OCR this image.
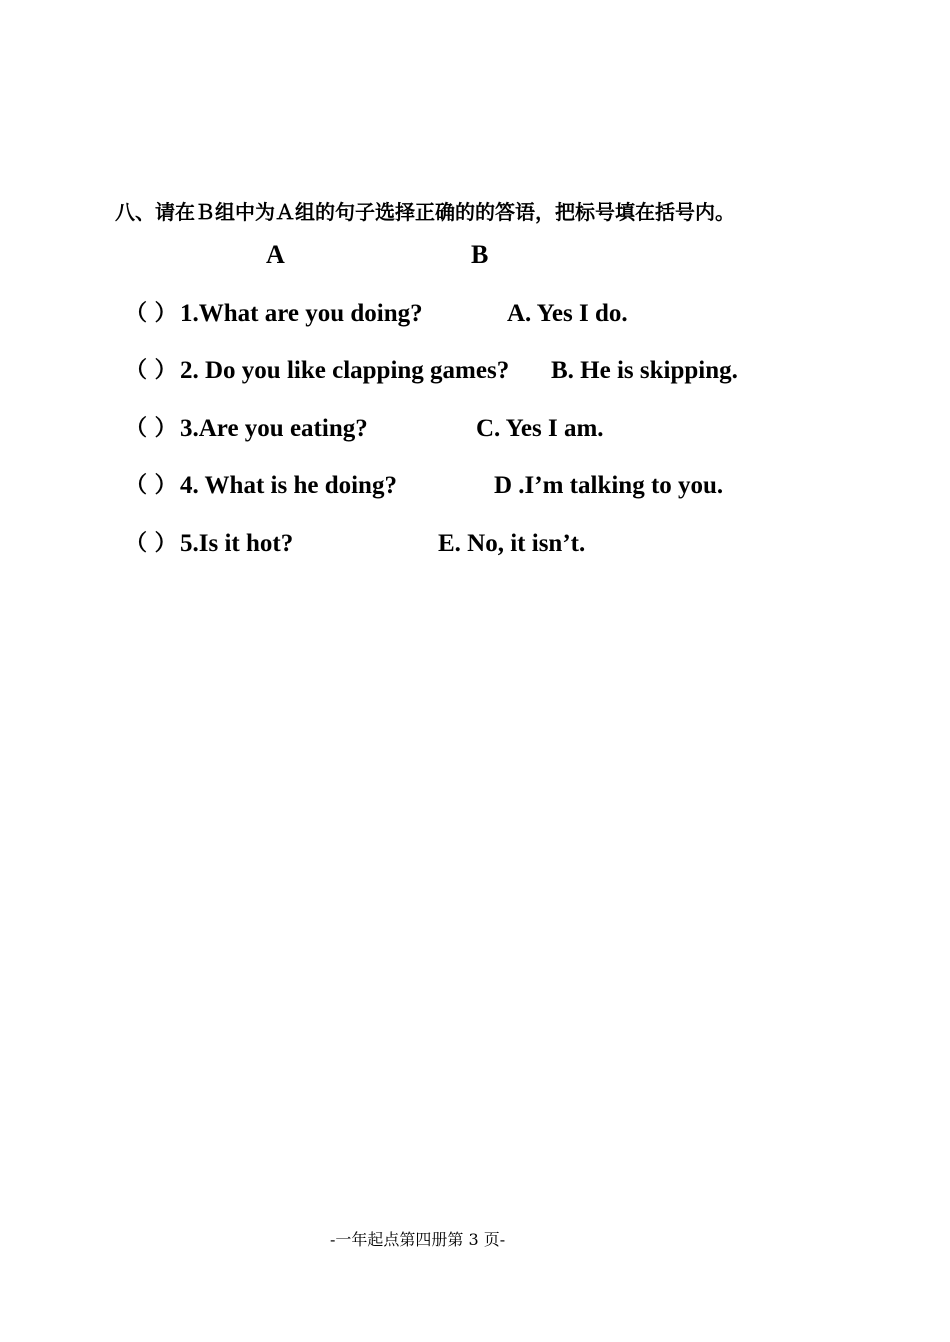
八、请在Ｂ组中为Ａ组的句子选择正确的的答语，把标号填在括号内。
A	B
（ ） 1.What are you doing?	A. Yes I do.
（ ） 2. Do you like clapping games? B. He is skipping.
（ ） 3.Are you eating?	C. Yes I am.
（ ） 4. What is he doing?	D .I’m talking to you.
（ ） 5.Is it hot?	E. No, it isn’t.
-一年起点第四册第 3 页-
